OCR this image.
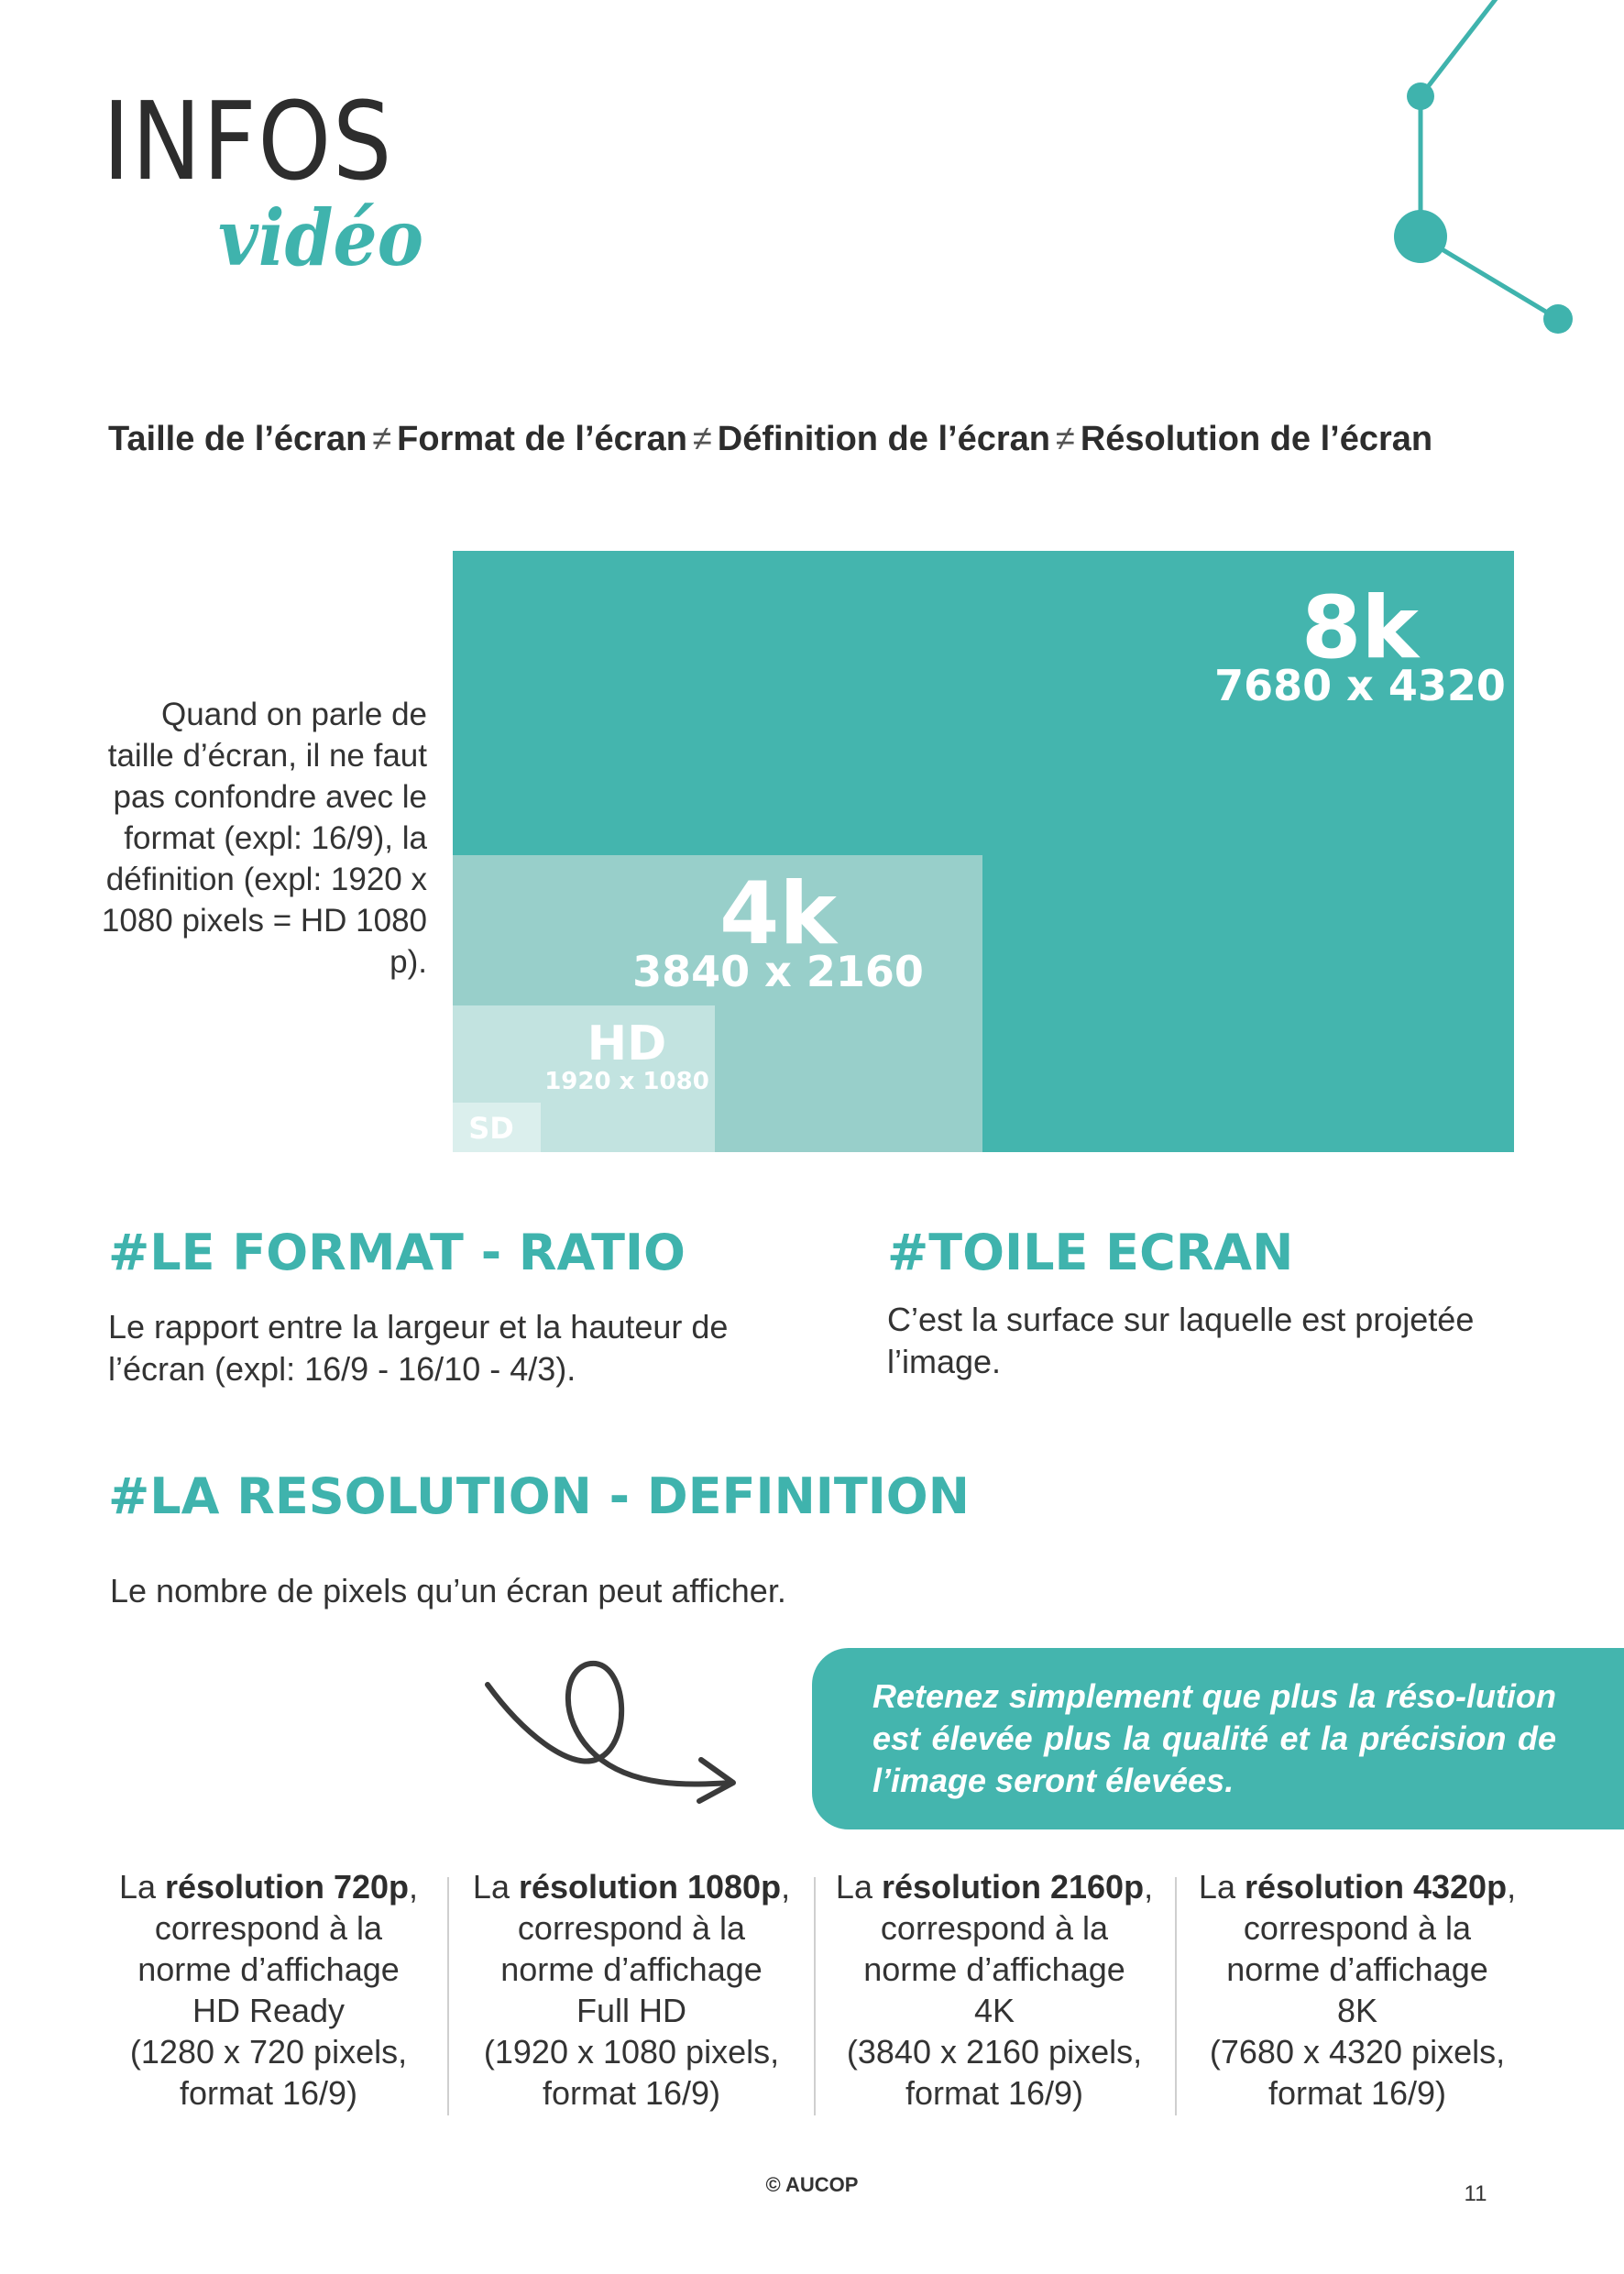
INFOS
vidéo
Taille de l’écran ≠ Format de l’écran ≠ Définition de l’écran ≠ Résolution de l’écran
Quand on parle de taille d’écran, il ne faut pas confondre avec le format (expl: 16/9), la définition (expl: 1920 x 1080 pixels = HD 1080 p).
8k
7680 x 4320
4k
3840 x 2160
HD
1920 x 1080
SD
#LE FORMAT - RATIO
Le rapport entre la largeur et la hauteur de l’écran (expl: 16/9 - 16/10 - 4/3).
#TOILE ECRAN
C’est la surface sur laquelle est projetée l’image.
#LA RESOLUTION - DEFINITION
Le nombre de pixels qu’un écran peut afficher.
Retenez simplement que plus la réso-lution est élevée plus la qualité et la précision de l’image seront élevées.
La résolution 720p,
correspond à la
norme d’affichage
HD Ready
(1280 x 720 pixels,
format 16/9)
La résolution 1080p,
correspond à la
norme d’affichage
Full HD
(1920 x 1080 pixels,
format 16/9)
La résolution 2160p,
correspond à la
norme d’affichage
4K
(3840 x 2160 pixels,
format 16/9)
La résolution 4320p,
correspond à la
norme d’affichage
8K
(7680 x 4320 pixels,
format 16/9)
© AUCOP	11
